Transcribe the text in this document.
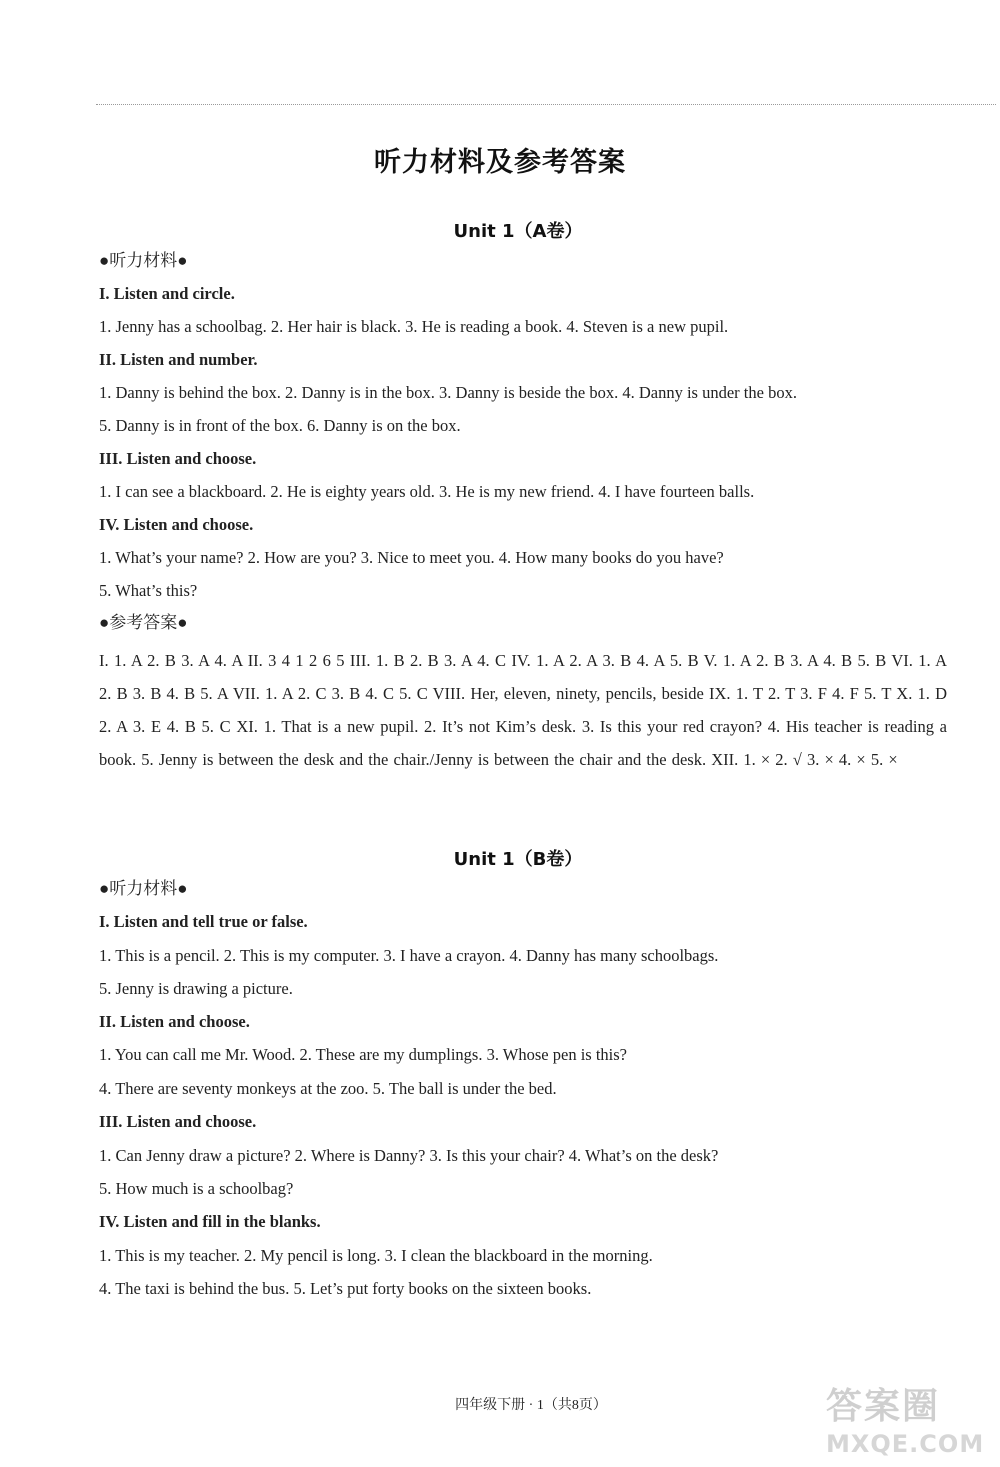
听力材料及参考答案
Unit 1（A卷）
●听力材料●
I. Listen and circle.
1. Jenny has a schoolbag. 2. Her hair is black. 3. He is reading a book. 4. Steven is a new pupil.
II. Listen and number.
1. Danny is behind the box. 2. Danny is in the box. 3. Danny is beside the box. 4. Danny is under the box.
5. Danny is in front of the box. 6. Danny is on the box.
III. Listen and choose.
1. I can see a blackboard. 2. He is eighty years old. 3. He is my new friend. 4. I have fourteen balls.
IV. Listen and choose.
1. What’s your name? 2. How are you? 3. Nice to meet you. 4. How many books do you have?
5. What’s this?
●参考答案●
I. 1. A 2. B 3. A 4. A II. 3 4 1 2 6 5 III. 1. B 2. B 3. A 4. C IV. 1. A 2. A 3. B 4. A 5. B V. 1. A 2. B 3. A 4. B 5. B VI. 1. A 2. B 3. B 4. B 5. A VII. 1. A 2. C 3. B 4. C 5. C VIII. Her, eleven, ninety, pencils, beside IX. 1. T 2. T 3. F 4. F 5. T X. 1. D 2. A 3. E 4. B 5. C XI. 1. That is a new pupil. 2. It’s not Kim’s desk. 3. Is this your red crayon? 4. His teacher is reading a book. 5. Jenny is between the desk and the chair./Jenny is between the chair and the desk. XII. 1. × 2. √ 3. × 4. × 5. ×
Unit 1（B卷）
●听力材料●
I. Listen and tell true or false.
1. This is a pencil. 2. This is my computer. 3. I have a crayon. 4. Danny has many schoolbags.
5. Jenny is drawing a picture.
II. Listen and choose.
1. You can call me Mr. Wood. 2. These are my dumplings. 3. Whose pen is this?
4. There are seventy monkeys at the zoo. 5. The ball is under the bed.
III. Listen and choose.
1. Can Jenny draw a picture? 2. Where is Danny? 3. Is this your chair? 4. What’s on the desk?
5. How much is a schoolbag?
IV. Listen and fill in the blanks.
1. This is my teacher. 2. My pencil is long. 3. I clean the blackboard in the morning.
4. The taxi is behind the bus. 5. Let’s put forty books on the sixteen books.
四年级下册 · 1（共8页）	答案圈
MXQE.COM
